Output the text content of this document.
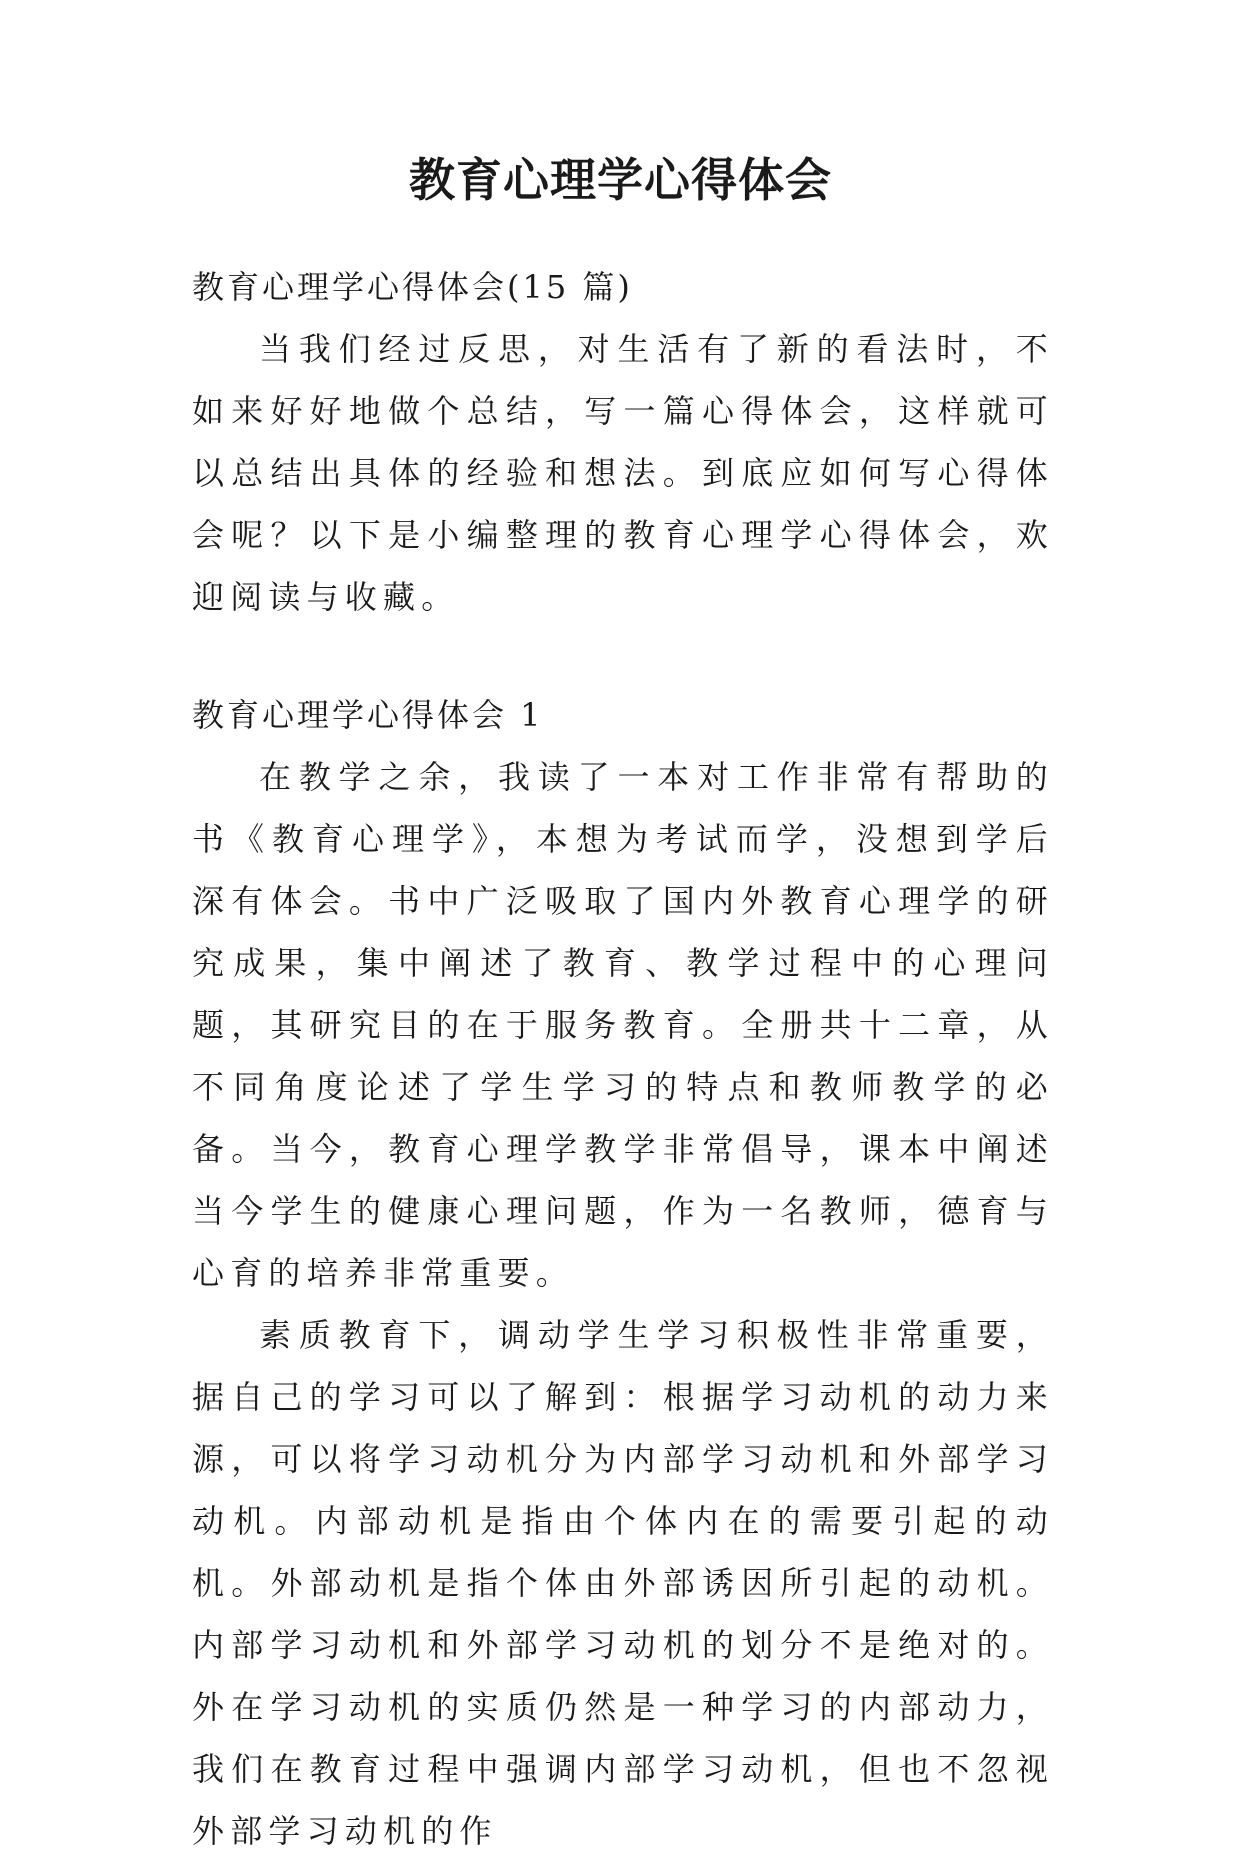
教育心理学心得体会
教育心理学心得体会(15 篇)

当我们经过反思，对生活有了新的看法时，不如来好好地做个总结，写一篇心得体会，这样就可以总结出具体的经验和想法。到底应如何写心得体会呢？以下是小编整理的教育心理学心得体会，欢迎阅读与收藏。

教育心理学心得体会 1

在教学之余，我读了一本对工作非常有帮助的书《教育心理学》，本想为考试而学，没想到学后深有体会。书中广泛吸取了国内外教育心理学的研究成果，集中阐述了教育、教学过程中的心理问题，其研究目的在于服务教育。全册共十二章，从不同角度论述了学生学习的特点和教师教学的必备。当今，教育心理学教学非常倡导，课本中阐述当今学生的健康心理问题，作为一名教师，德育与心育的培养非常重要。

素质教育下，调动学生学习积极性非常重要，据自己的学习可以了解到：根据学习动机的动力来源，可以将学习动机分为内部学习动机和外部学习动机。内部动机是指由个体内在的需要引起的动机。外部动机是指个体由外部诱因所引起的动机。内部学习动机和外部学习动机的划分不是绝对的。外在学习动机的实质仍然是一种学习的内部动力，我们在教育过程中强调内部学习动机，但也不忽视外部学习动机的作
